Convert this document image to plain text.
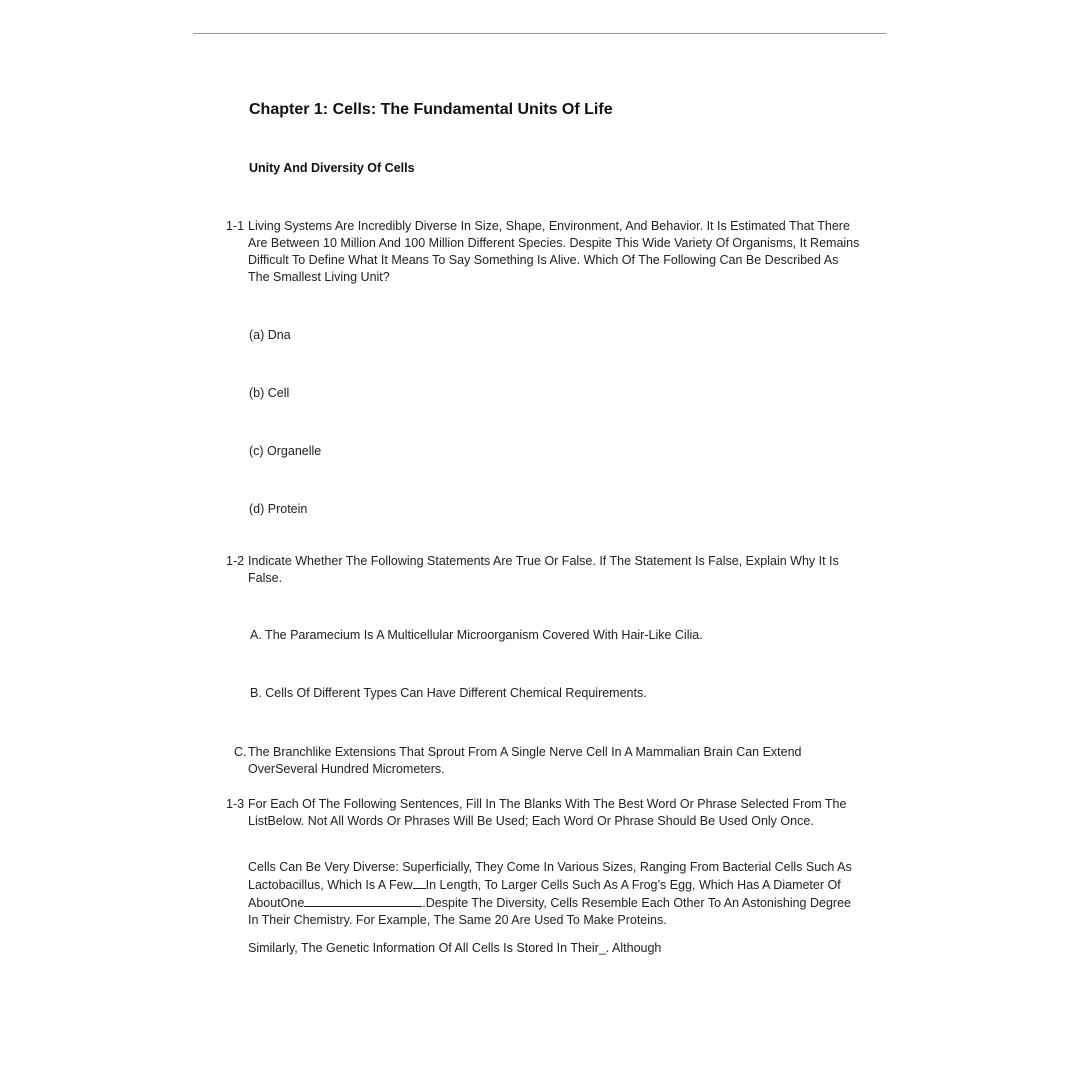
Chapter 1: Cells: The Fundamental Units Of Life
Unity And Diversity Of Cells
1-1 Living Systems Are Incredibly Diverse In Size, Shape, Environment, And Behavior. It Is Estimated That There Are Between 10 Million And 100 Million Different Species. Despite This Wide Variety Of Organisms, It Remains Difficult To Define What It Means To Say Something Is Alive. Which Of The Following Can Be Described As The Smallest Living Unit?
(a) Dna
(b) Cell
(c) Organelle
(d) Protein
1-2 Indicate Whether The Following Statements Are True Or False. If The Statement Is False, Explain Why It Is False.
A. The Paramecium Is A Multicellular Microorganism Covered With Hair-Like Cilia.
B. Cells Of Different Types Can Have Different Chemical Requirements.
C. The Branchlike Extensions That Sprout From A Single Nerve Cell In A Mammalian Brain Can Extend OverSeveral Hundred Micrometers.
1-3 For Each Of The Following Sentences, Fill In The Blanks With The Best Word Or Phrase Selected From The ListBelow. Not All Words Or Phrases Will Be Used; Each Word Or Phrase Should Be Used Only Once.
Cells Can Be Very Diverse: Superficially, They Come In Various Sizes, Ranging From Bacterial Cells Such As Lactobacillus, Which Is A Few In Length, To Larger Cells Such As A Frog’s Egg, Which Has A Diameter Of AboutOne	.Despite The Diversity, Cells Resemble Each Other To An Astonishing Degree In Their Chemistry. For Example, The Same 20 Are Used To Make Proteins.
Similarly, The Genetic Information Of All Cells Is Stored In Their_. Although
